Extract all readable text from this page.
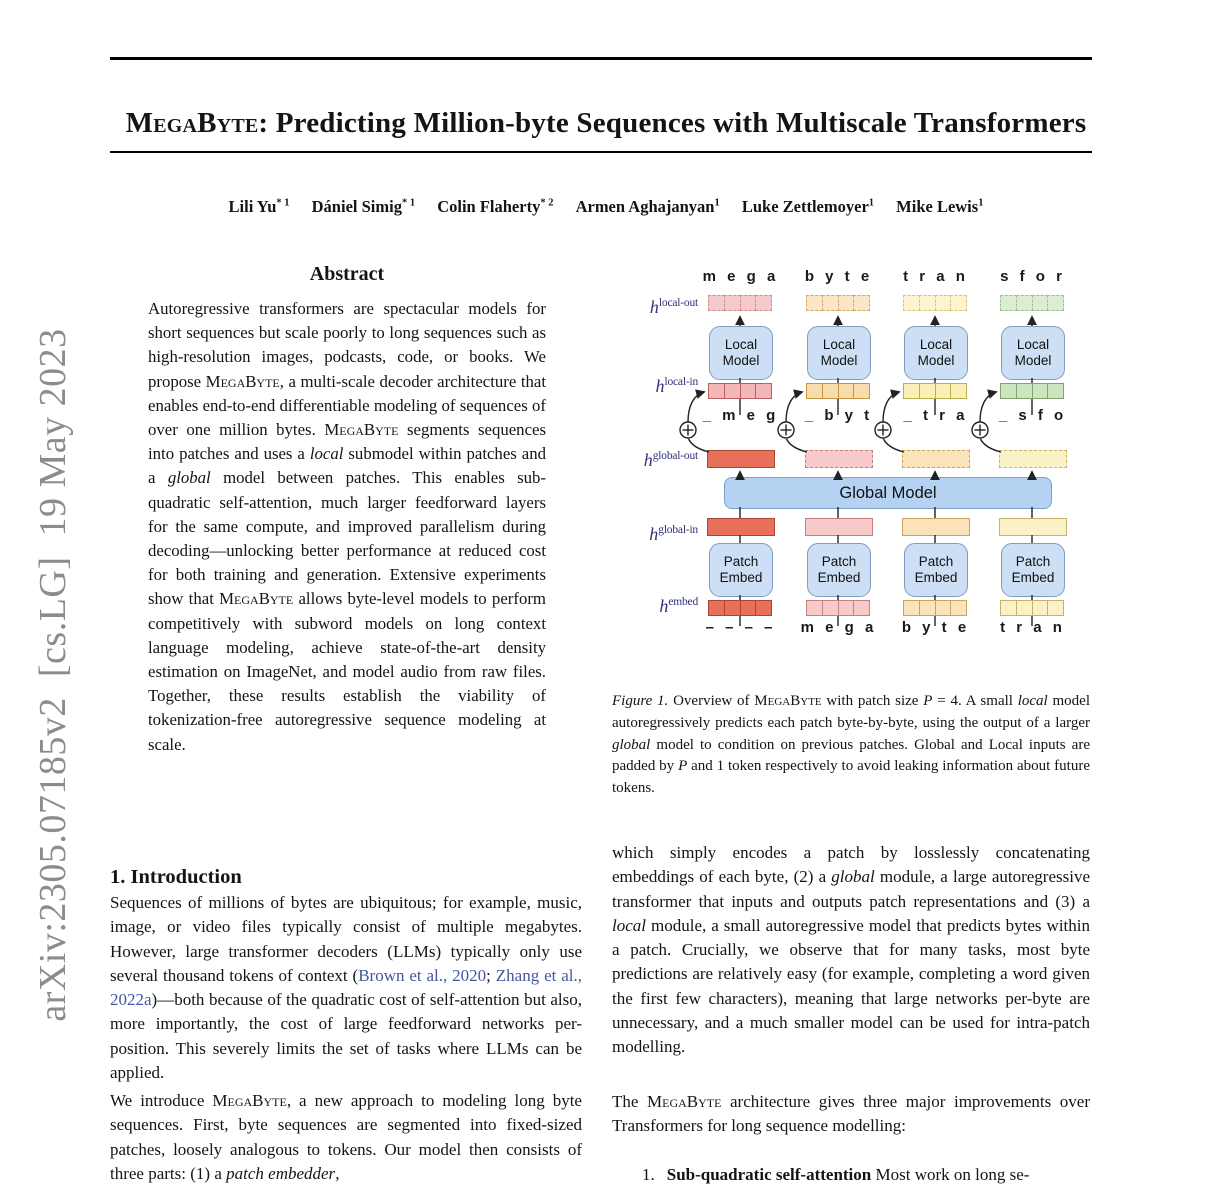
arXiv:2305.07185v2  [cs.LG]  19 May 2023
MegaByte: Predicting Million-byte Sequences with Multiscale Transformers
Lili Yu$^{* 1}$ Dániel Simig$^{* 1}$ Colin Flaherty$^{* 2}$ Armen Aghajanyan$^1$ Luke Zettlemoyer$^1$ Mike Lewis$^1$
Abstract

Autoregressive transformers are spectacular models for short sequences but scale poorly to long sequences such as high-resolution images, podcasts, code, or books. We propose MegaByte, a multi-scale decoder architecture that enables end-to-end differentiable modeling of sequences of over one million bytes. MegaByte segments sequences into patches and uses a local submodel within patches and a global model between patches. This enables sub-quadratic self-attention, much larger feedforward layers for the same compute, and improved parallelism during decoding—unlocking better performance at reduced cost for both training and generation. Extensive experiments show that MegaByte allows byte-level models to perform competitively with subword models on long context language modeling, achieve state-of-the-art density estimation on ImageNet, and model audio from raw files. Together, these results establish the viability of tokenization-free autoregressive sequence modeling at scale.

$h^{local-out}$
$h^{local-in}$
$h^{global-out}$
$h^{global-in}$
$h^{embed}$
m e g a
Local Model
_ m e g
Patch Embed
– – – –
b y t e
Local Model
_ b y t
Patch Embed
m e g a
t r a n
Local Model
_ t r a
Patch Embed
b y t e
s f o r
Local Model
_ s f o
Patch Embed
t r a n
Global Model

Figure 1. Overview of MegaByte with patch size P = 4. A small local model autoregressively predicts each patch byte-by-byte, using the output of a larger global model to condition on previous patches. Global and Local inputs are padded by P and 1 token respectively to avoid leaking information about future tokens.

1. Introduction

Sequences of millions of bytes are ubiquitous; for example, music, image, or video files typically consist of multiple megabytes. However, large transformer decoders (LLMs) typically only use several thousand tokens of context (Brown et al., 2020; Zhang et al., 2022a)—both because of the quadratic cost of self-attention but also, more importantly, the cost of large feedforward networks per-position. This severely limits the set of tasks where LLMs can be applied.

We introduce MegaByte, a new approach to modeling long byte sequences. First, byte sequences are segmented into fixed-sized patches, loosely analogous to tokens. Our model then consists of three parts: (1) a patch embedder,

which simply encodes a patch by losslessly concatenating embeddings of each byte, (2) a global module, a large autoregressive transformer that inputs and outputs patch representations and (3) a local module, a small autoregressive model that predicts bytes within a patch. Crucially, we observe that for many tasks, most byte predictions are relatively easy (for example, completing a word given the first few characters), meaning that large networks per-byte are unnecessary, and a much smaller model can be used for intra-patch modelling.

The MegaByte architecture gives three major improvements over Transformers for long sequence modelling:

1. Sub-quadratic self-attention Most work on long se-
